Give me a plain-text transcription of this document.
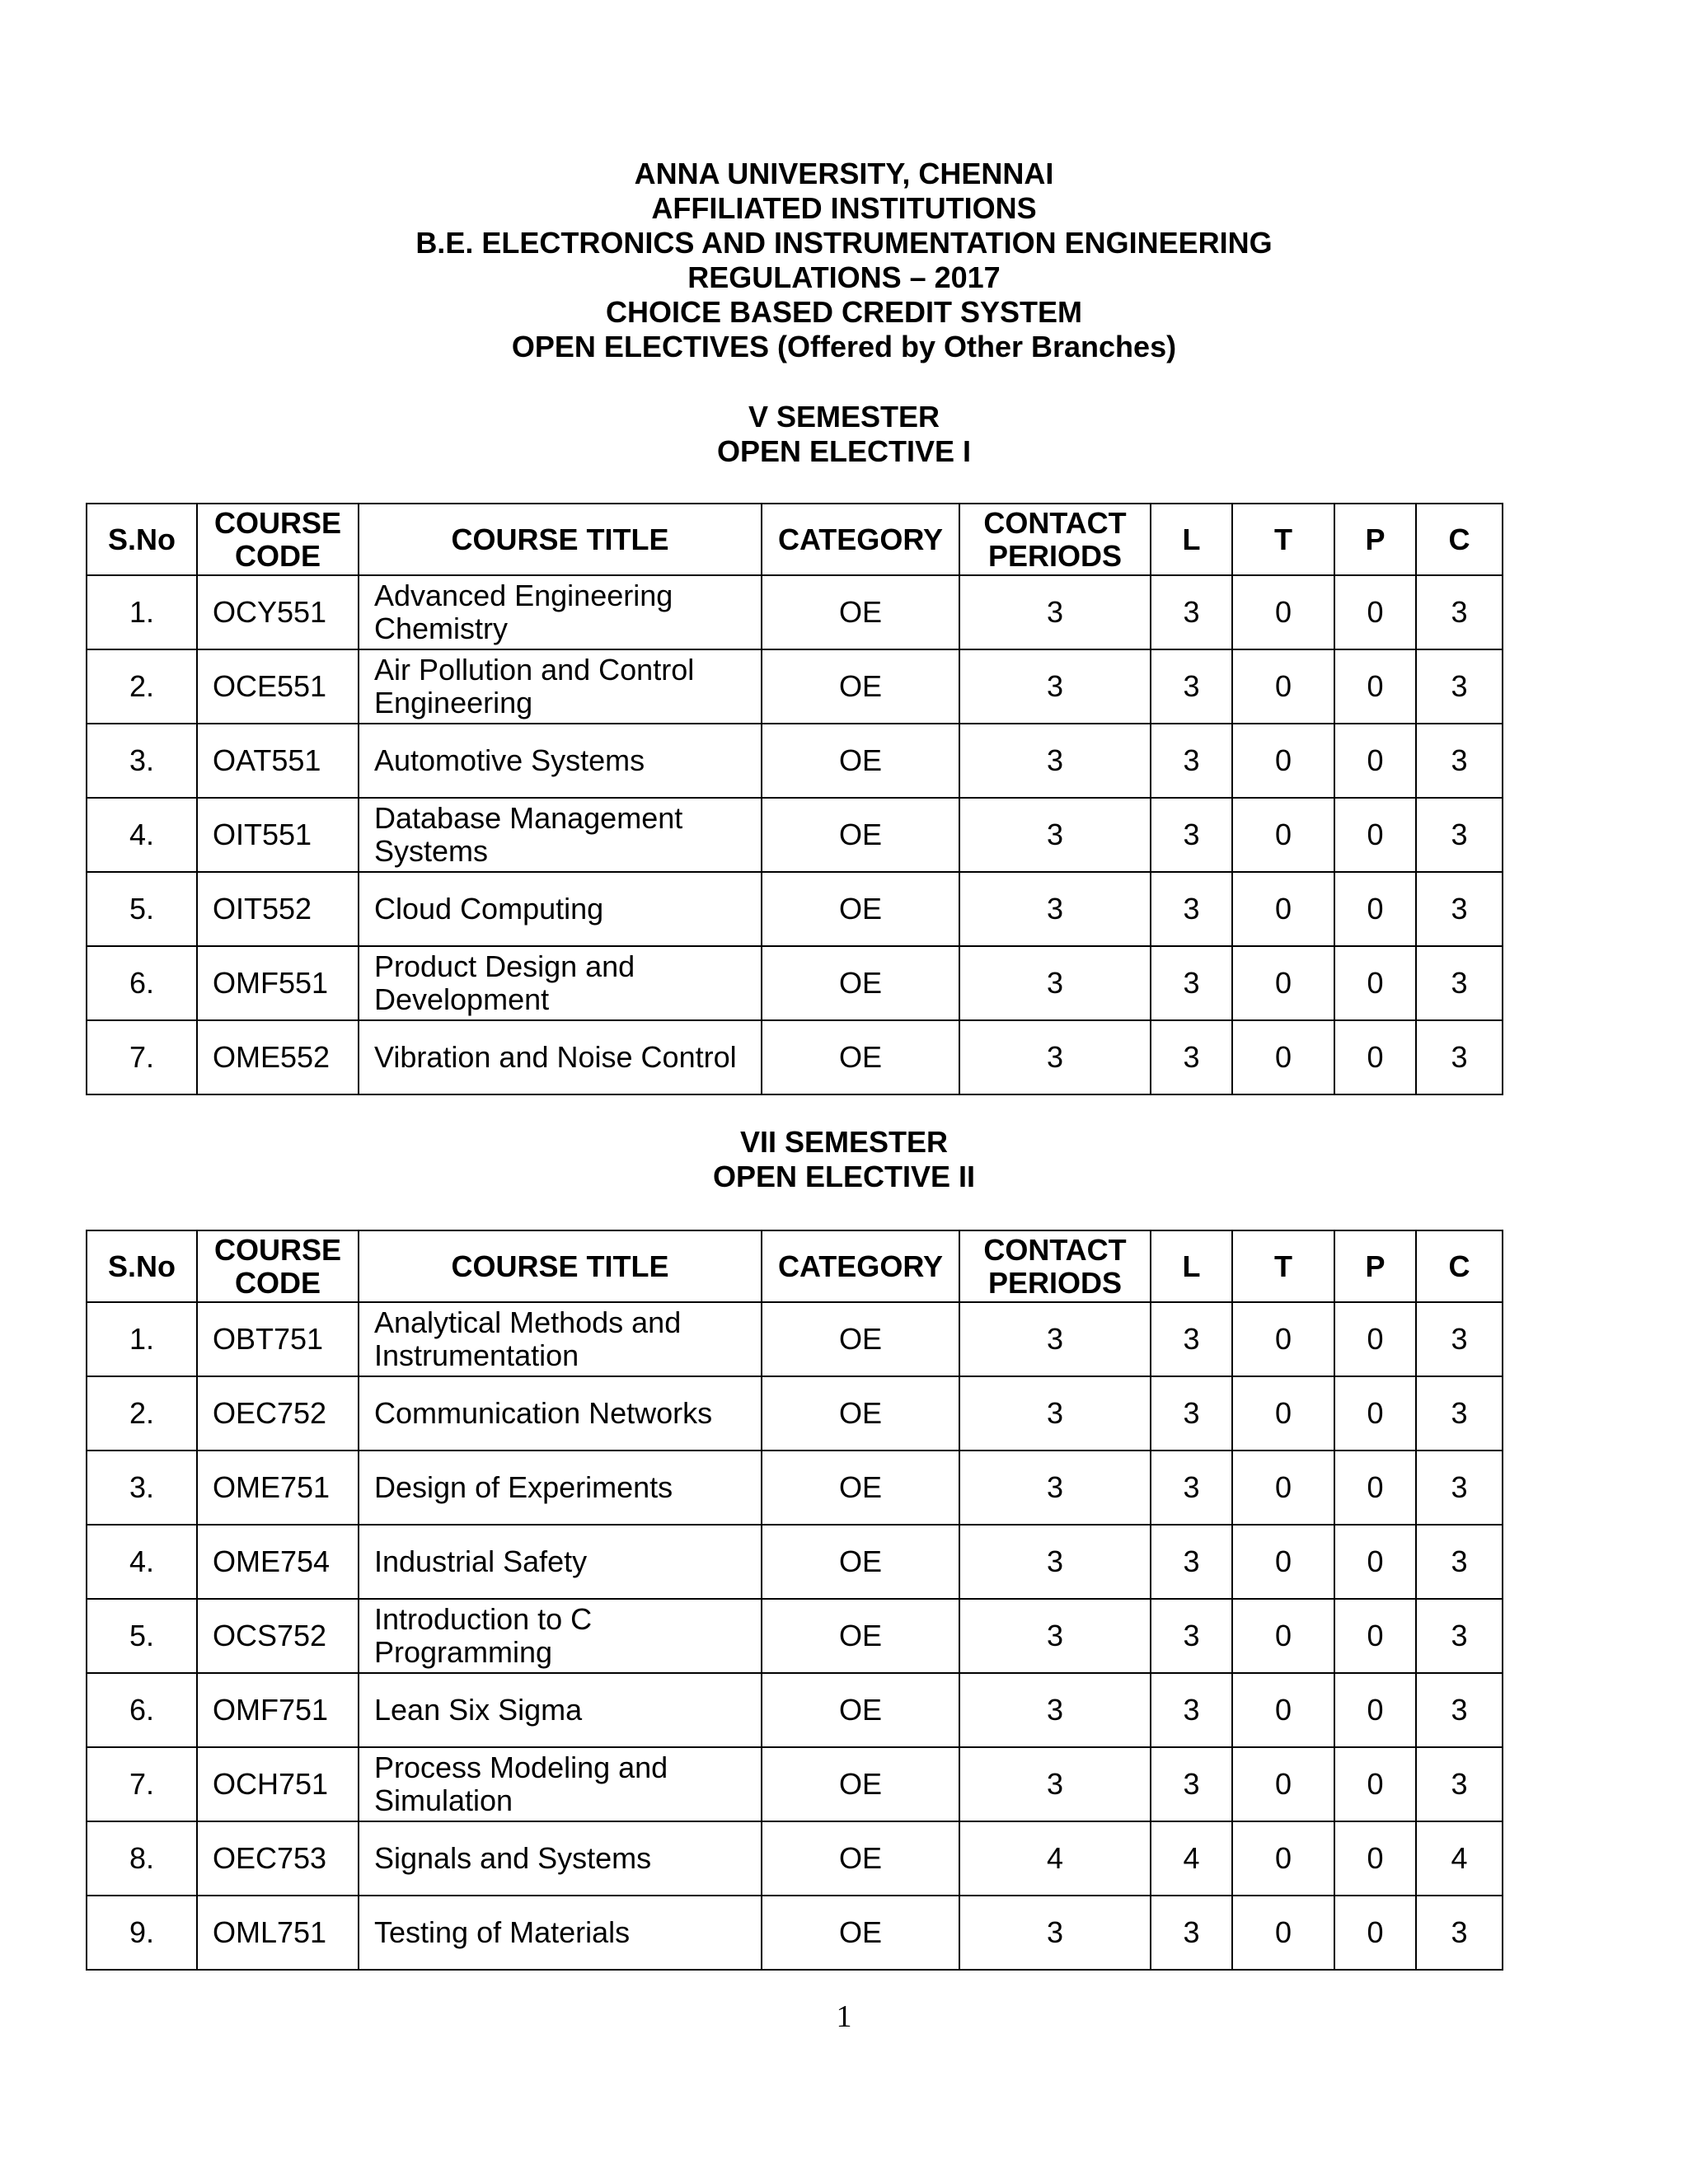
ANNA UNIVERSITY, CHENNAI
AFFILIATED INSTITUTIONS
B.E. ELECTRONICS AND INSTRUMENTATION ENGINEERING
REGULATIONS – 2017
CHOICE BASED CREDIT SYSTEM
OPEN ELECTIVES (Offered by Other Branches)
V SEMESTER
OPEN ELECTIVE I
S.No	COURSE CODE	COURSE TITLE	CATEGORY	CONTACT PERIODS	L	T	P	C
1.	OCY551	Advanced Engineering Chemistry	OE	3	3	0	0	3
2.	OCE551	Air Pollution and Control Engineering	OE	3	3	0	0	3
3.	OAT551	Automotive Systems	OE	3	3	0	0	3
4.	OIT551	Database Management Systems	OE	3	3	0	0	3
5.	OIT552	Cloud Computing	OE	3	3	0	0	3
6.	OMF551	Product Design and Development	OE	3	3	0	0	3
7.	OME552	Vibration and Noise Control	OE	3	3	0	0	3
VII SEMESTER
OPEN ELECTIVE II
S.No	COURSE CODE	COURSE TITLE	CATEGORY	CONTACT PERIODS	L	T	P	C
1.	OBT751	Analytical Methods and Instrumentation	OE	3	3	0	0	3
2.	OEC752	Communication Networks	OE	3	3	0	0	3
3.	OME751	Design of Experiments	OE	3	3	0	0	3
4.	OME754	Industrial Safety	OE	3	3	0	0	3
5.	OCS752	Introduction to C Programming	OE	3	3	0	0	3
6.	OMF751	Lean Six Sigma	OE	3	3	0	0	3
7.	OCH751	Process Modeling and Simulation	OE	3	3	0	0	3
8.	OEC753	Signals and Systems	OE	4	4	0	0	4
9.	OML751	Testing of Materials	OE	3	3	0	0	3
1
